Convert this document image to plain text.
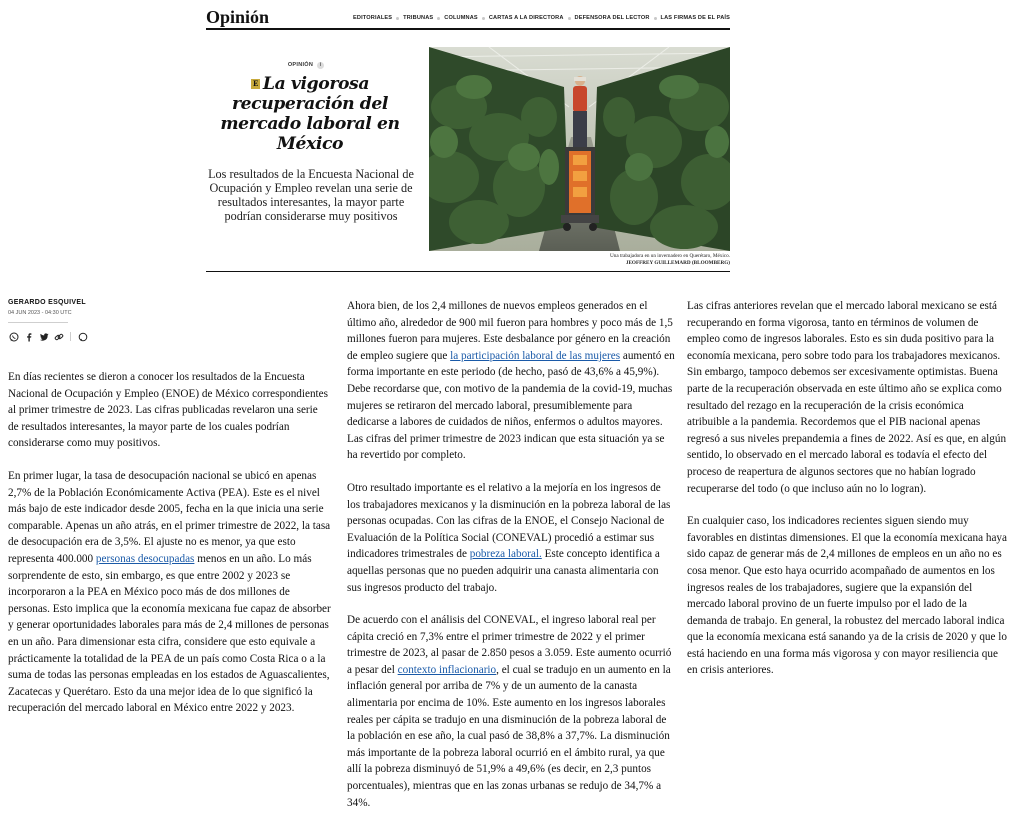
Opinión	EDITORIALES TRIBUNAS COLUMNAS CARTAS A LA DIRECTORA DEFENSORA DEL LECTOR LAS FIRMAS DE EL PAÍS
OPINIÓN i
E La vigorosa recuperación del mercado laboral en México

Los resultados de la Encuesta Nacional de Ocupación y Empleo revelan una serie de resultados interesantes, la mayor parte podrían considerarse muy positivos

Una trabajadora en un invernadero en Querétaro, México.
JEOFFREY GUILLEMARD (BLOOMBERG)
GERARDO ESQUIVEL
04 JUN 2023 - 04:30 UTC

En días recientes se dieron a conocer los resultados de la Encuesta Nacional de Ocupación y Empleo (ENOE) de México correspondientes al primer trimestre de 2023. Las cifras publicadas revelaron una serie de resultados interesantes, la mayor parte de los cuales podrían considerarse como muy positivos.

En primer lugar, la tasa de desocupación nacional se ubicó en apenas 2,7% de la Población Económicamente Activa (PEA). Este es el nivel más bajo de este indicador desde 2005, fecha en la que inicia una serie comparable. Apenas un año atrás, en el primer trimestre de 2022, la tasa de desocupación era de 3,5%. El ajuste no es menor, ya que esto representa 400.000 personas desocupadas menos en un año. Lo más sorprendente de esto, sin embargo, es que entre 2002 y 2023 se incorporaron a la PEA en México poco más de dos millones de personas. Esto implica que la economía mexicana fue capaz de absorber y generar oportunidades laborales para más de 2,4 millones de personas en un año. Para dimensionar esta cifra, considere que esto equivale a prácticamente la totalidad de la PEA de un país como Costa Rica o a la suma de todas las personas empleadas en los estados de Aguascalientes, Zacatecas y Querétaro. Esto da una mejor idea de lo que significó la recuperación del mercado laboral en México entre 2022 y 2023.

Ahora bien, de los 2,4 millones de nuevos empleos generados en el último año, alrededor de 900 mil fueron para hombres y poco más de 1,5 millones fueron para mujeres. Este desbalance por género en la creación de empleo sugiere que la participación laboral de las mujeres aumentó en forma importante en este periodo (de hecho, pasó de 43,6% a 45,9%). Debe recordarse que, con motivo de la pandemia de la covid-19, muchas mujeres se retiraron del mercado laboral, presumiblemente para dedicarse a labores de cuidados de niños, enfermos o adultos mayores. Las cifras del primer trimestre de 2023 indican que esta situación ya se ha revertido por completo.

Otro resultado importante es el relativo a la mejoría en los ingresos de los trabajadores mexicanos y la disminución en la pobreza laboral de las personas ocupadas. Con las cifras de la ENOE, el Consejo Nacional de Evaluación de la Política Social (CONEVAL) procedió a estimar sus indicadores trimestrales de pobreza laboral. Este concepto identifica a aquellas personas que no pueden adquirir una canasta alimentaria con sus ingresos producto del trabajo.

De acuerdo con el análisis del CONEVAL, el ingreso laboral real per cápita creció en 7,3% entre el primer trimestre de 2022 y el primer trimestre de 2023, al pasar de 2.850 pesos a 3.059. Este aumento ocurrió a pesar del contexto inflacionario, el cual se tradujo en un aumento en la inflación general por arriba de 7% y de un aumento de la canasta alimentaria por encima de 10%. Este aumento en los ingresos laborales reales per cápita se tradujo en una disminución de la pobreza laboral de la población en ese año, la cual pasó de 38,8% a 37,7%. La disminución más importante de la pobreza laboral ocurrió en el ámbito rural, ya que allí la pobreza disminuyó de 51,9% a 49,6% (es decir, en 2,3 puntos porcentuales), mientras que en las zonas urbanas se redujo de 34,7% a 34%.

Las cifras anteriores revelan que el mercado laboral mexicano se está recuperando en forma vigorosa, tanto en términos de volumen de empleo como de ingresos laborales. Esto es sin duda positivo para la economía mexicana, pero sobre todo para los trabajadores mexicanos. Sin embargo, tampoco debemos ser excesivamente optimistas. Buena parte de la recuperación observada en este último año se explica como resultado del rezago en la recuperación de la crisis económica atribuible a la pandemia. Recordemos que el PIB nacional apenas regresó a sus niveles prepandemia a fines de 2022. Así es que, en algún sentido, lo observado en el mercado laboral es todavía el efecto del proceso de reapertura de algunos sectores que no habían logrado recuperarse del todo (o que incluso aún no lo logran).

En cualquier caso, los indicadores recientes siguen siendo muy favorables en distintas dimensiones. El que la economía mexicana haya sido capaz de generar más de 2,4 millones de empleos en un año no es cosa menor. Que esto haya ocurrido acompañado de aumentos en los ingresos reales de los trabajadores, sugiere que la expansión del mercado laboral provino de un fuerte impulso por el lado de la demanda de trabajo. En general, la robustez del mercado laboral indica que la economía mexicana está sanando ya de la crisis de 2020 y que lo está haciendo en una forma más vigorosa y con mayor resiliencia que en crisis anteriores.
